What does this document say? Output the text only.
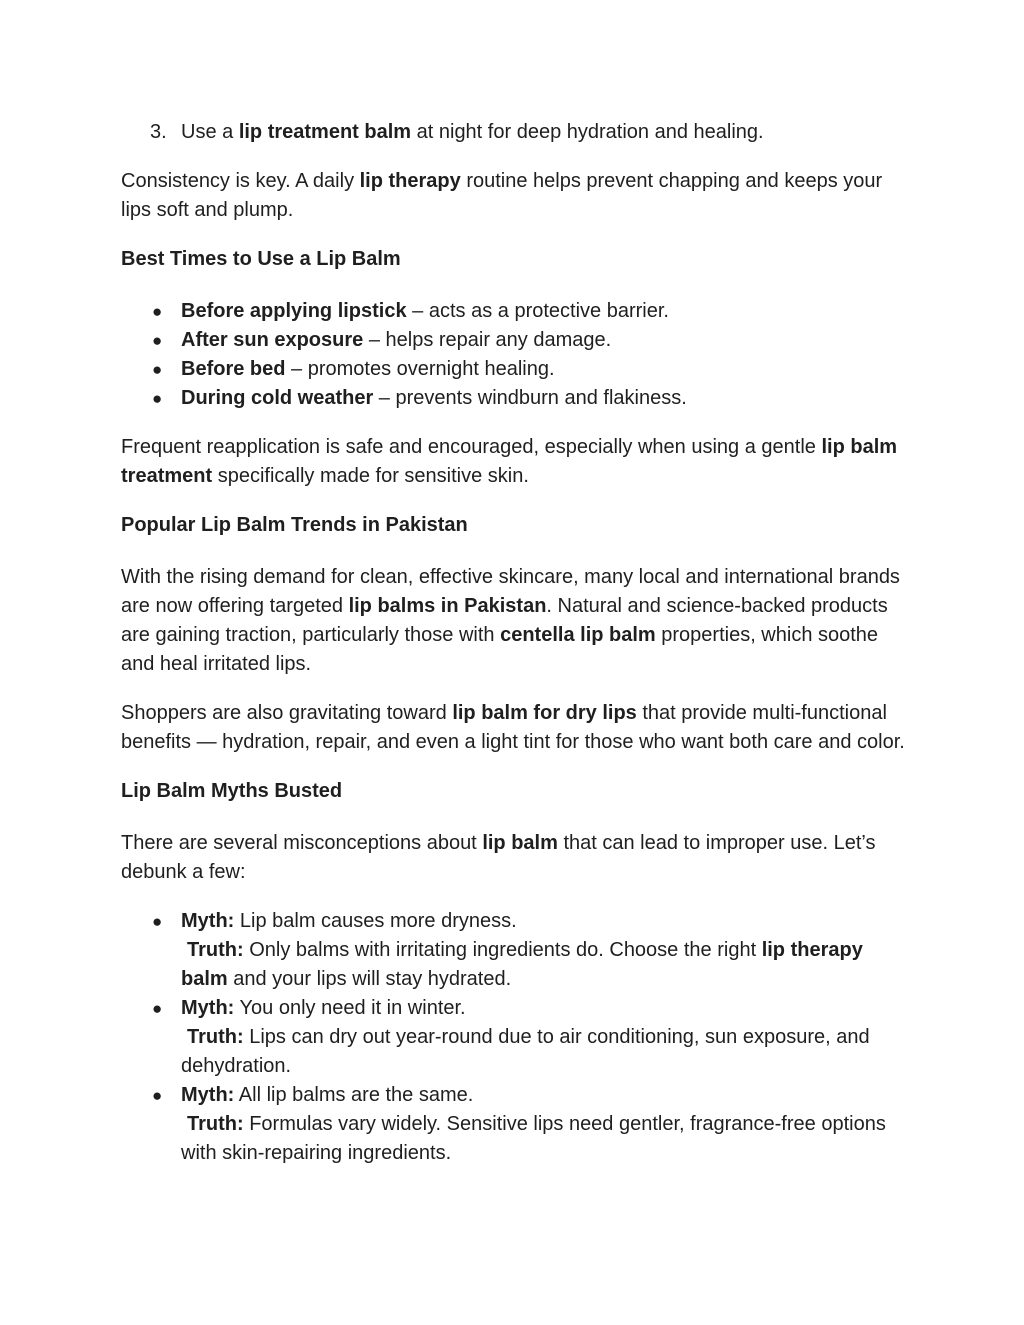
3. Use a lip treatment balm at night for deep hydration and healing.

Consistency is key. A daily lip therapy routine helps prevent chapping and keeps your lips soft and plump.

Best Times to Use a Lip Balm

● Before applying lipstick – acts as a protective barrier.
● After sun exposure – helps repair any damage.
● Before bed – promotes overnight healing.
● During cold weather – prevents windburn and flakiness.

Frequent reapplication is safe and encouraged, especially when using a gentle lip balm treatment specifically made for sensitive skin.

Popular Lip Balm Trends in Pakistan

With the rising demand for clean, effective skincare, many local and international brands are now offering targeted lip balms in Pakistan. Natural and science-backed products are gaining traction, particularly those with centella lip balm properties, which soothe and heal irritated lips.

Shoppers are also gravitating toward lip balm for dry lips that provide multi-functional benefits — hydration, repair, and even a light tint for those who want both care and color.

Lip Balm Myths Busted

There are several misconceptions about lip balm that can lead to improper use. Let’s debunk a few:

● Myth: Lip balm causes more dryness.
Truth: Only balms with irritating ingredients do. Choose the right lip therapy balm and your lips will stay hydrated.
● Myth: You only need it in winter.
Truth: Lips can dry out year-round due to air conditioning, sun exposure, and dehydration.
● Myth: All lip balms are the same.
Truth: Formulas vary widely. Sensitive lips need gentler, fragrance-free options with skin-repairing ingredients.
